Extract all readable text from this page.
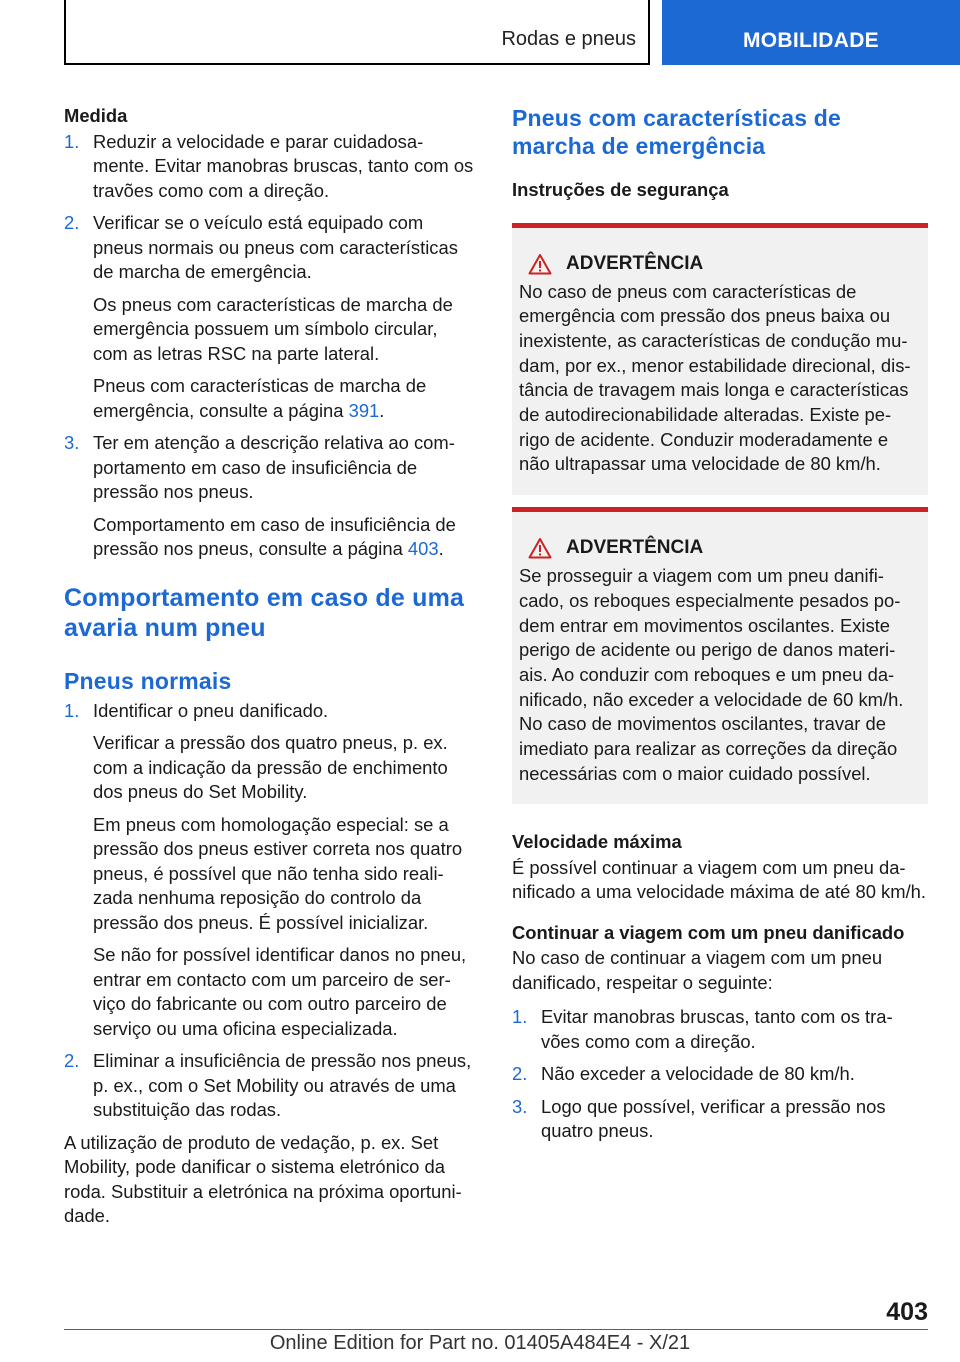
Rodas e pneus	MOBILIDADE
Medida
1. Reduzir a velocidade e parar cuidadosa-mente. Evitar manobras bruscas, tanto com os travões como com a direção.
2. Verificar se o veículo está equipado com pneus normais ou pneus com características de marcha de emergência.
Os pneus com características de marcha de emergência possuem um símbolo circular, com as letras RSC na parte lateral.
Pneus com características de marcha de emergência, consulte a página 391.
3. Ter em atenção a descrição relativa ao com-portamento em caso de insuficiência de pressão nos pneus.
Comportamento em caso de insuficiência de pressão nos pneus, consulte a página 403.
Comportamento em caso de uma avaria num pneu
Pneus normais
1. Identificar o pneu danificado.
Verificar a pressão dos quatro pneus, p. ex. com a indicação da pressão de enchimento dos pneus do Set Mobility.
Em pneus com homologação especial: se a pressão dos pneus estiver correta nos quatro pneus, é possível que não tenha sido reali-zada nenhuma reposição do controlo da pressão dos pneus. É possível inicializar.
Se não for possível identificar danos no pneu, entrar em contacto com um parceiro de ser-viço do fabricante ou com outro parceiro de serviço ou uma oficina especializada.
2. Eliminar a insuficiência de pressão nos pneus, p. ex., com o Set Mobility ou através de uma substituição das rodas.

A utilização de produto de vedação, p. ex. Set Mobility, pode danificar o sistema eletrónico da roda. Substituir a eletrónica na próxima oportuni-dade.

Pneus com características de marcha de emergência
Instruções de segurança
ADVERTÊNCIA

No caso de pneus com características de emergência com pressão dos pneus baixa ou inexistente, as características de condução mu-dam, por ex., menor estabilidade direcional, dis-tância de travagem mais longa e características de autodirecionabilidade alteradas. Existe pe-rigo de acidente. Conduzir moderadamente e não ultrapassar uma velocidade de 80 km/h.

ADVERTÊNCIA

Se prosseguir a viagem com um pneu danifi-cado, os reboques especialmente pesados po-dem entrar em movimentos oscilantes. Existe perigo de acidente ou perigo de danos materi-ais. Ao conduzir com reboques e um pneu da-nificado, não exceder a velocidade de 60 km/h. No caso de movimentos oscilantes, travar de imediato para realizar as correções da direção necessárias com o maior cuidado possível.

Velocidade máxima

É possível continuar a viagem com um pneu da-nificado a uma velocidade máxima de até 80 km/h.

Continuar a viagem com um pneu danificado

No caso de continuar a viagem com um pneu danificado, respeitar o seguinte:

1. Evitar manobras bruscas, tanto com os tra-vões como com a direção.
2. Não exceder a velocidade de 80 km/h.
3. Logo que possível, verificar a pressão nos quatro pneus.
403
Online Edition for Part no. 01405A484E4 - X/21
